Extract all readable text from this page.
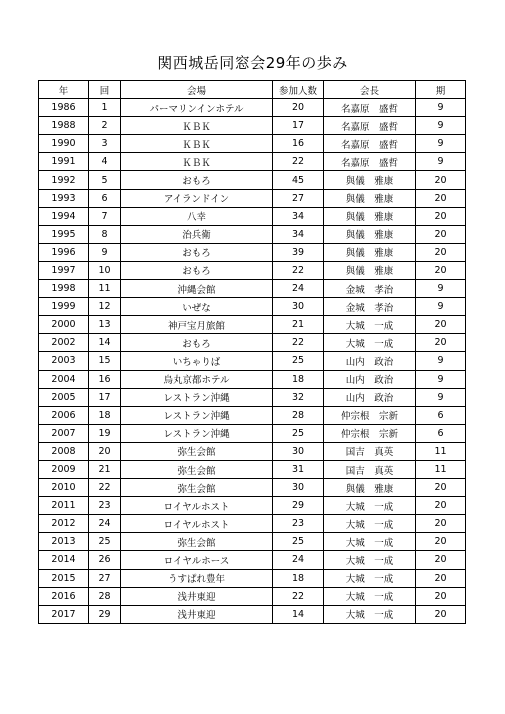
関西城岳同窓会29年の歩み
年	回	会場	参加人数	会長	期
1986	1	パーマリンインホテル	20	名嘉原　盛哲	9
1988	2	ＫＢＫ	17	名嘉原　盛哲	9
1990	3	ＫＢＫ	16	名嘉原　盛哲	9
1991	4	ＫＢＫ	22	名嘉原　盛哲	9
1992	5	おもろ	45	與儀　雅康	20
1993	6	アイランドイン	27	與儀　雅康	20
1994	7	八幸	34	與儀　雅康	20
1995	8	治兵衛	34	與儀　雅康	20
1996	9	おもろ	39	與儀　雅康	20
1997	10	おもろ	22	與儀　雅康	20
1998	11	沖縄会館	24	金城　孝治	9
1999	12	いぜな	30	金城　孝治	9
2000	13	神戸宝月旅館	21	大城　一成	20
2002	14	おもろ	22	大城　一成	20
2003	15	いちゃりば	25	山内　政治	9
2004	16	烏丸京都ホテル	18	山内　政治	9
2005	17	レストラン沖縄	32	山内　政治	9
2006	18	レストラン沖縄	28	仲宗根　宗新	6
2007	19	レストラン沖縄	25	仲宗根　宗新	6
2008	20	弥生会館	30	国吉　真英	11
2009	21	弥生会館	31	国吉　真英	11
2010	22	弥生会館	30	與儀　雅康	20
2011	23	ロイヤルホスト	29	大城　一成	20
2012	24	ロイヤルホスト	23	大城　一成	20
2013	25	弥生会館	25	大城　一成	20
2014	26	ロイヤルホース	24	大城　一成	20
2015	27	うすぱれ豊年	18	大城　一成	20
2016	28	浅井東迎	22	大城　一成	20
2017	29	浅井東迎	14	大城　一成	20
